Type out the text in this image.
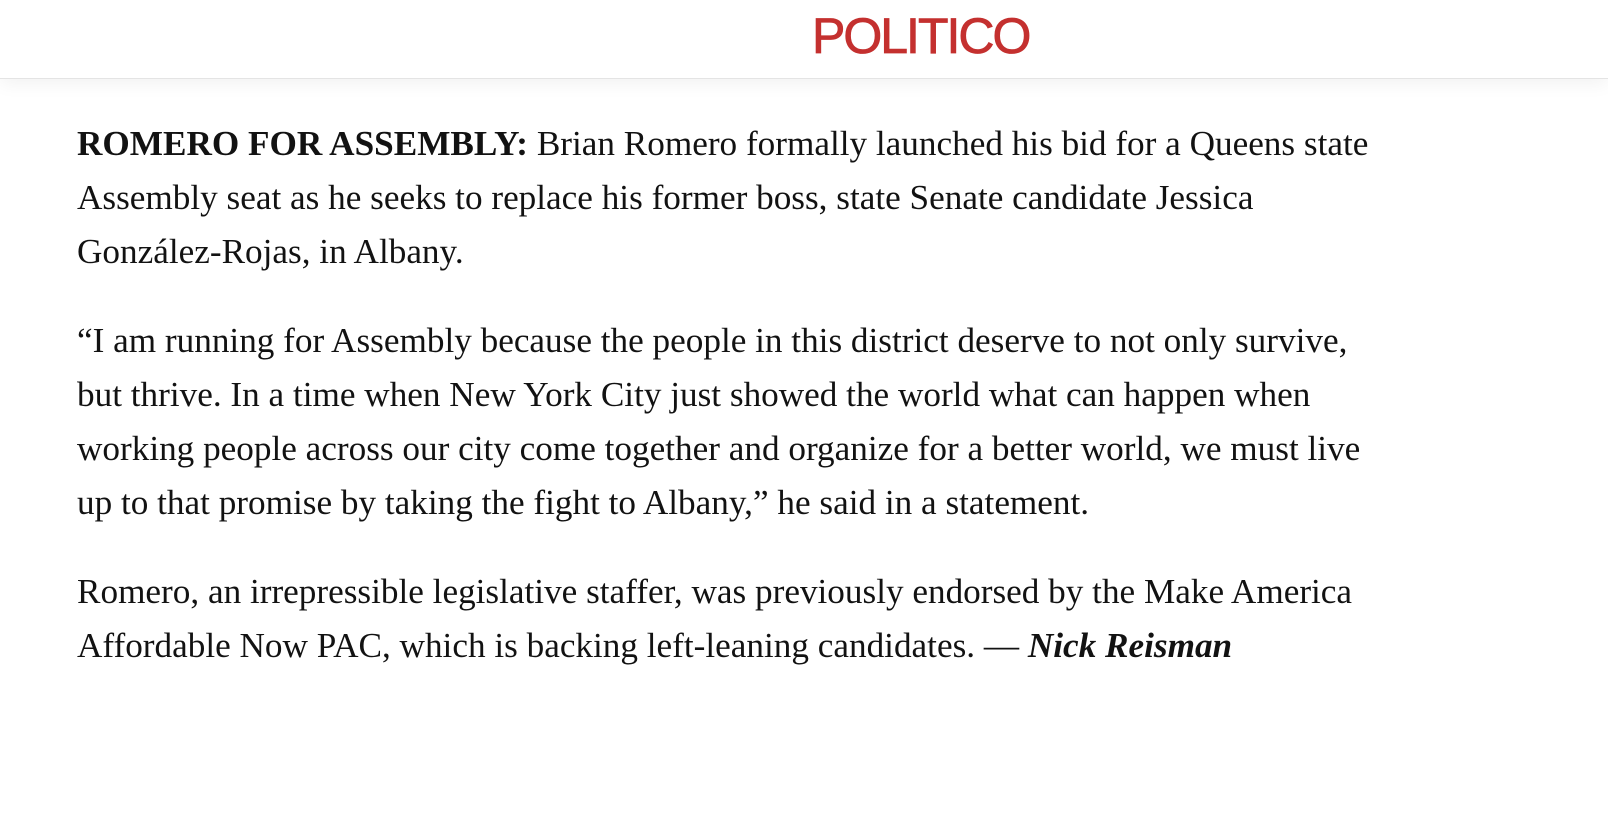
POLITICO

ROMERO FOR ASSEMBLY: Brian Romero formally launched his bid for a Queens state Assembly seat as he seeks to replace his former boss, state Senate candidate Jessica González-Rojas, in Albany.

“I am running for Assembly because the people in this district deserve to not only survive, but thrive. In a time when New York City just showed the world what can happen when working people across our city come together and organize for a better world, we must live up to that promise by taking the fight to Albany,” he said in a statement.

Romero, an irrepressible legislative staffer, was previously endorsed by the Make America Affordable Now PAC, which is backing left-leaning candidates. — Nick Reisman
